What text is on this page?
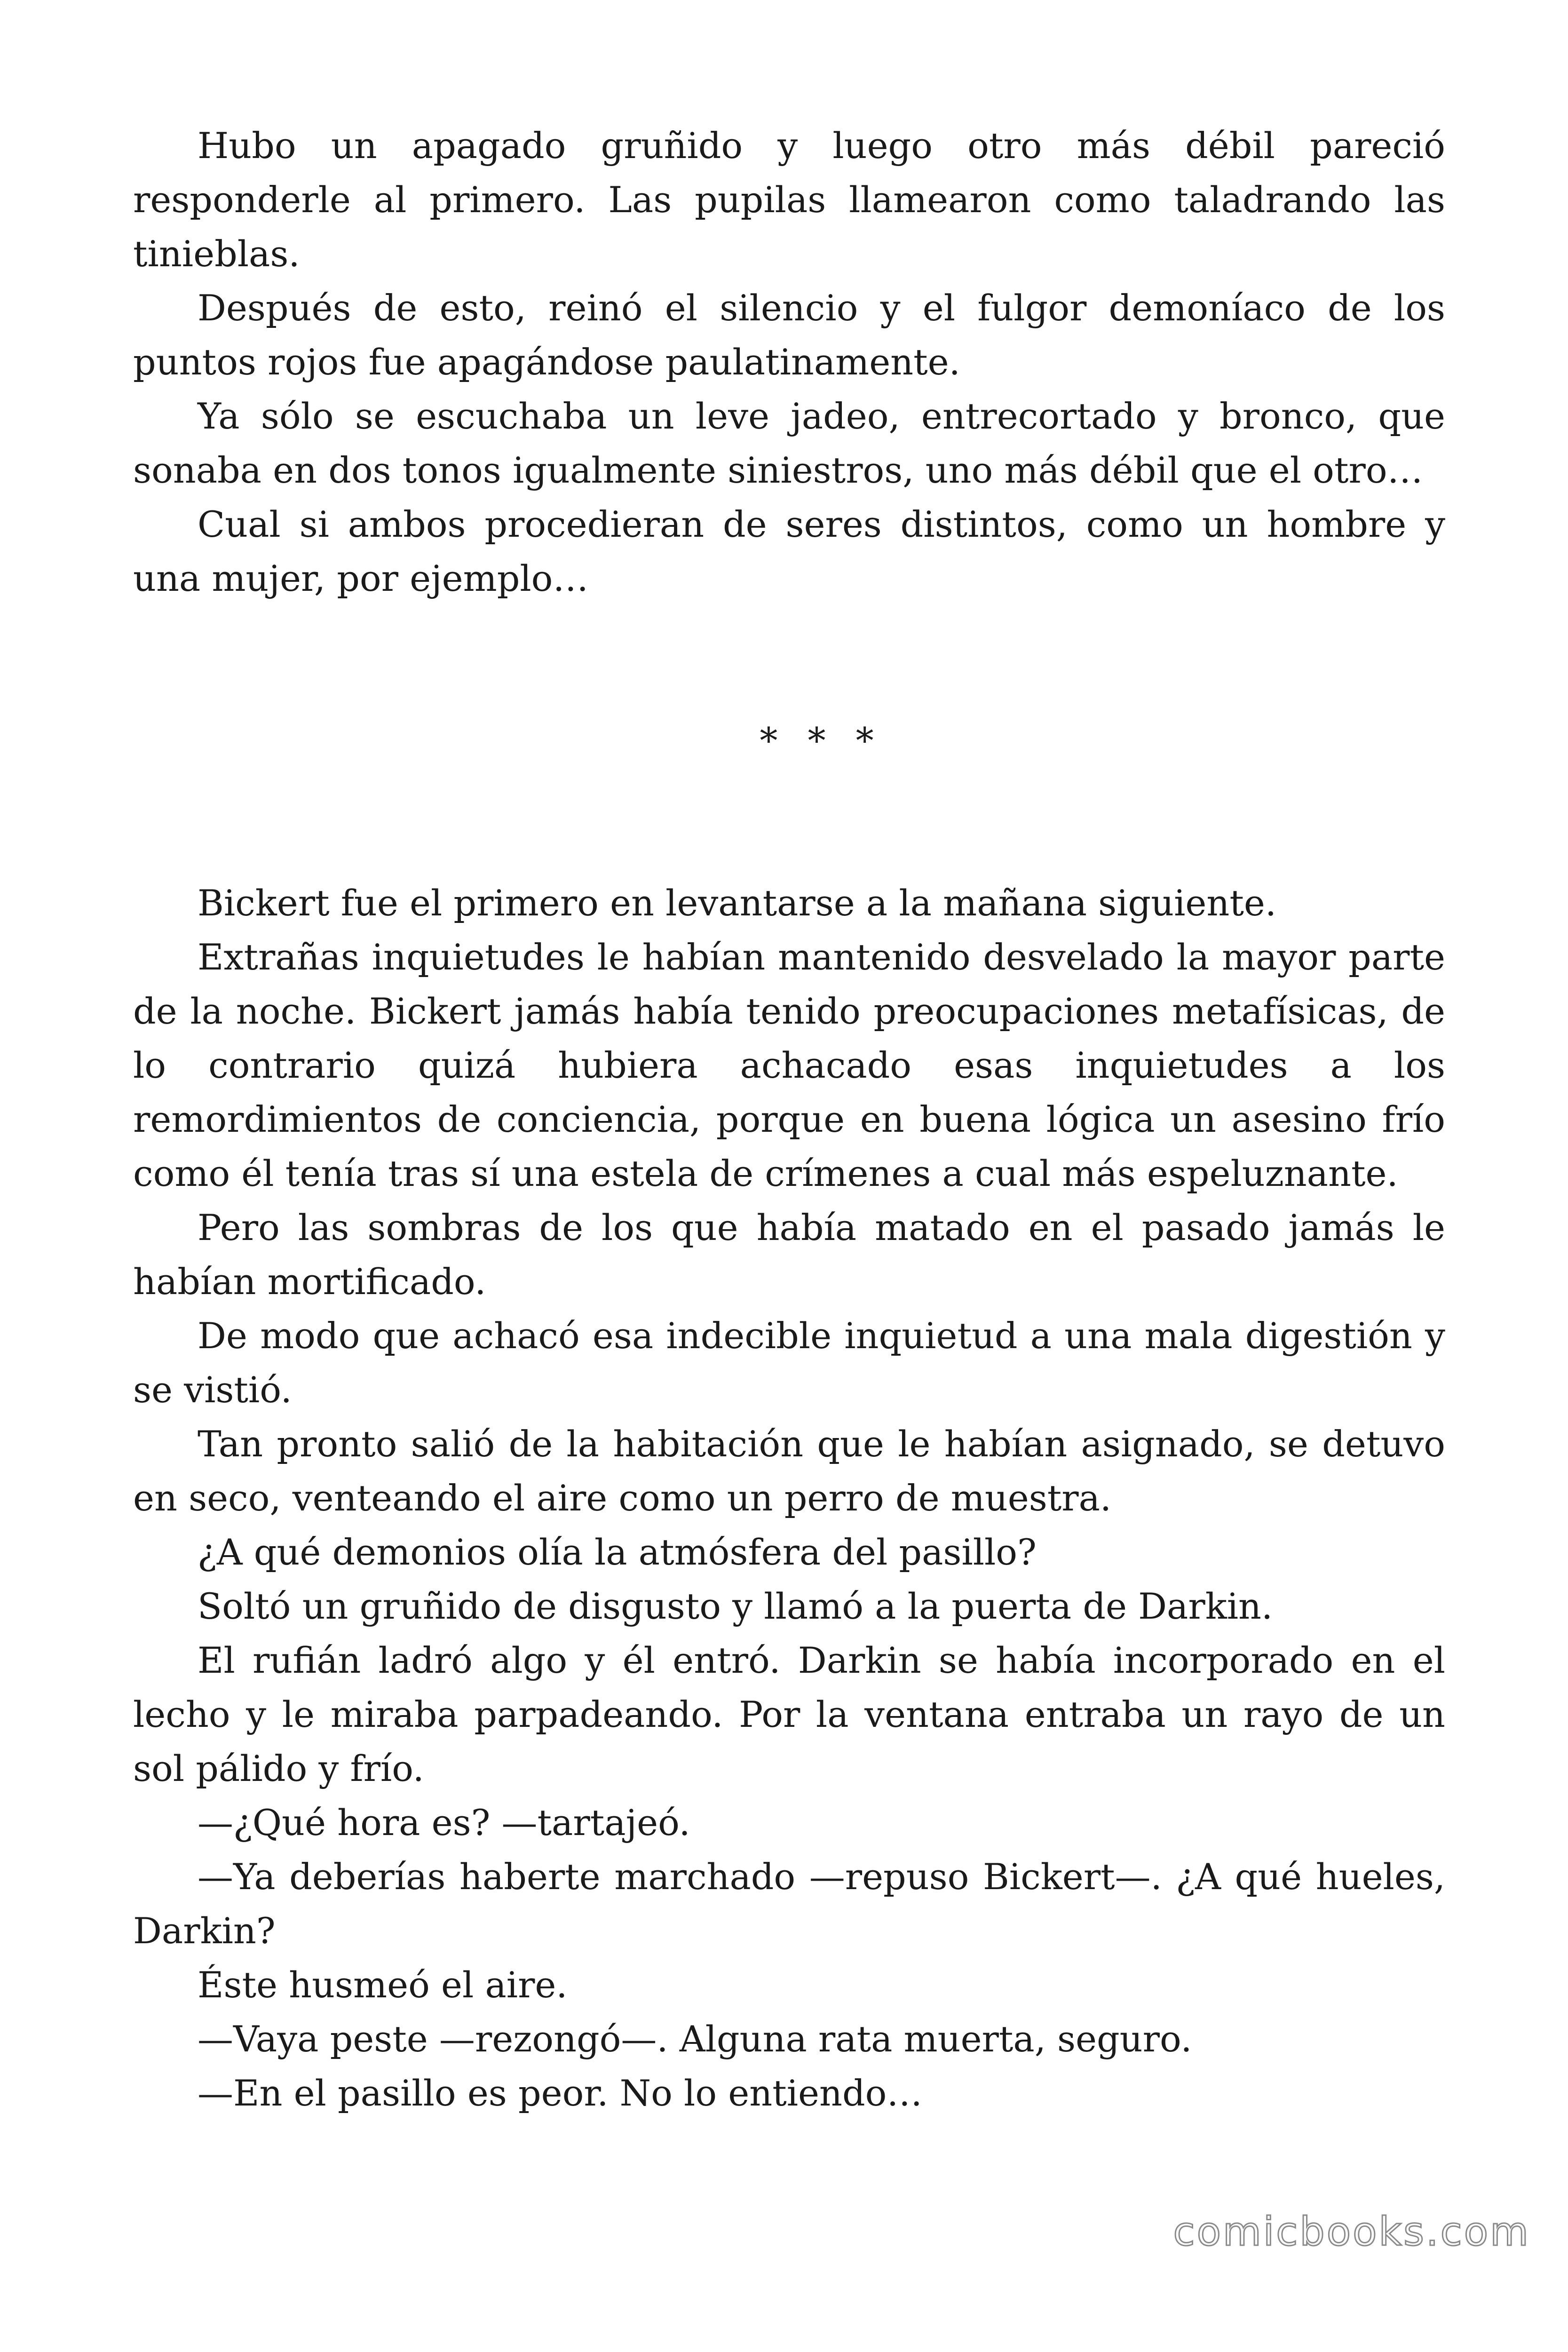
Hubo un apagado gruñido y luego otro más débil pareció responderle al primero. Las pupilas llamearon como taladrando las tinieblas.

Después de esto, reinó el silencio y el fulgor demoníaco de los puntos rojos fue apagándose paulatinamente.

Ya sólo se escuchaba un leve jadeo, entrecortado y bronco, que sonaba en dos tonos igualmente siniestros, uno más débil que el otro…

Cual si ambos procedieran de seres distintos, como un hombre y una mujer, por ejemplo…

* * *

Bickert fue el primero en levantarse a la mañana siguiente.

Extrañas inquietudes le habían mantenido desvelado la mayor parte de la noche. Bickert jamás había tenido preocupaciones metafísicas, de lo contrario quizá hubiera achacado esas inquietudes a los remordimientos de conciencia, porque en buena lógica un asesino frío como él tenía tras sí una estela de crímenes a cual más espeluznante.

Pero las sombras de los que había matado en el pasado jamás le habían mortificado.

De modo que achacó esa indecible inquietud a una mala digestión y se vistió.

Tan pronto salió de la habitación que le habían asignado, se detuvo en seco, venteando el aire como un perro de muestra.

¿A qué demonios olía la atmósfera del pasillo?

Soltó un gruñido de disgusto y llamó a la puerta de Darkin.

El rufián ladró algo y él entró. Darkin se había incorporado en el lecho y le miraba parpadeando. Por la ventana entraba un rayo de un sol pálido y frío.

—¿Qué hora es? —tartajeó.

—Ya deberías haberte marchado —repuso Bickert—. ¿A qué hueles, Darkin?

Éste husmeó el aire.

—Vaya peste —rezongó—. Alguna rata muerta, seguro.

—En el pasillo es peor. No lo entiendo…

comicbooks.com
